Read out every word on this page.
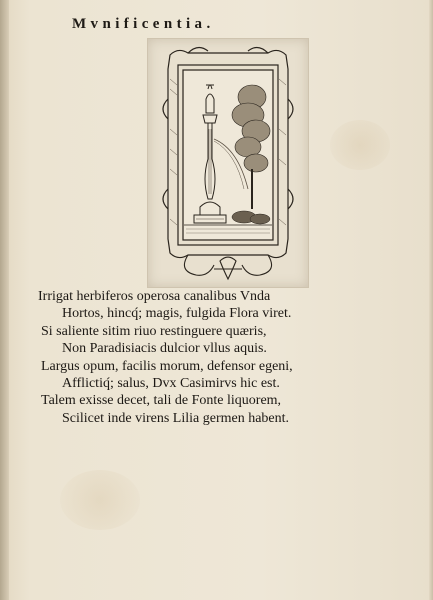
Mvnificentia.
Irrigat herbiferos operosa canalibus Vnda
Hortos, hincq́; magis, fulgida Flora viret.
Si saliente sitim riuo restinguere quæris,
Non Paradisiacis dulcior vllus aquis.
Largus opum, facilis morum, defensor egeni,
Afflictiq́; salus, Dvx Casimirvs hic est.
Talem exisse decet, tali de Fonte liquorem,
Scilicet inde virens Lilia germen habent.
